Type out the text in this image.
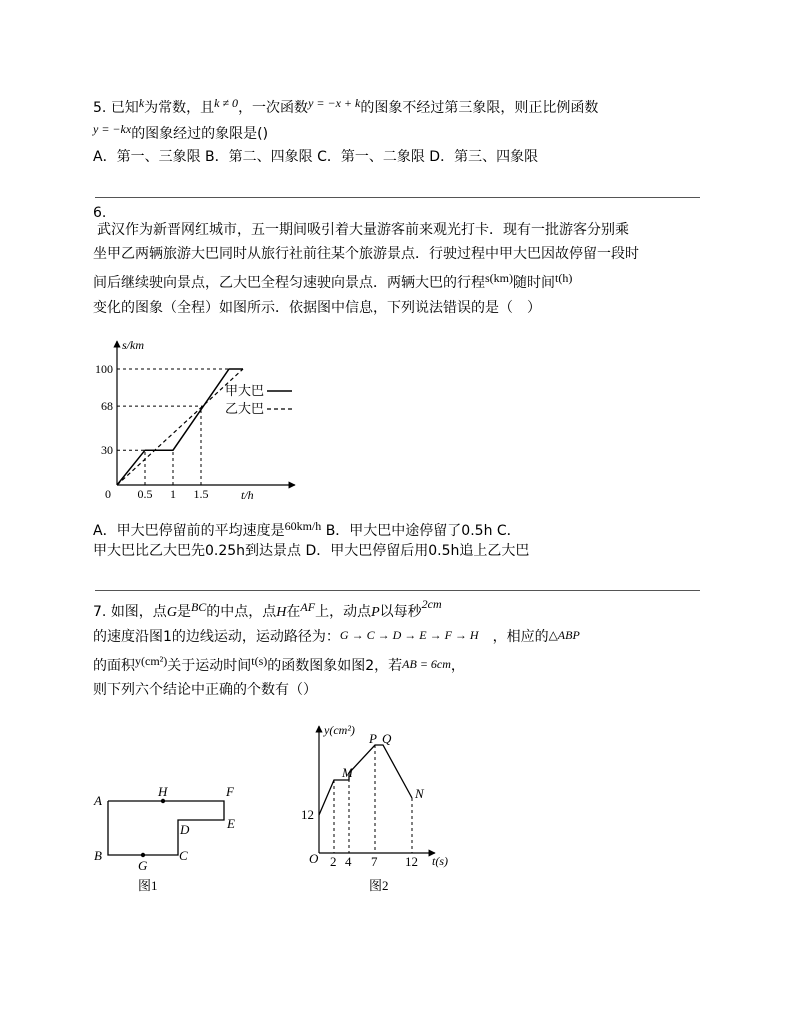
5. 已知k为常数，且k ≠ 0，一次函数y = −x + k的图象不经过第三象限，则正比例函数
y = −kx的图象经过的象限是()
A．第一、三象限 B．第二、四象限 C．第一、二象限 D．第三、四象限
6.
武汉作为新晋网红城市，五一期间吸引着大量游客前来观光打卡．现有一批游客分别乘
坐甲乙两辆旅游大巴同时从旅行社前往某个旅游景点．行驶过程中甲大巴因故停留一段时
间后继续驶向景点，乙大巴全程匀速驶向景点．两辆大巴的行程s(km)随时间t(h)
变化的图象（全程）如图所示．依据图中信息，下列说法错误的是（　）
s/km
t/h
0
100
68
30
0.5 1 1.5
甲大巴
乙大巴
A．甲大巴停留前的平均速度是60km/h B．甲大巴中途停留了0.5h C．
甲大巴比乙大巴先0.25h到达景点 D．甲大巴停留后用0.5h追上乙大巴
7. 如图，点G是BC的中点，点H在AF上，动点P以每秒2cm
的速度沿图1的边线运动，运动路径为：G → C → D → E → F → H　 ，相应的△ABP
的面积y(cm²)关于运动时间t(s)的函数图象如图2，若AB = 6cm，
则下列六个结论中正确的个数有（）
A
H	F
D	E
B
G
C
图1
y(cm²)
t(s)
O
12
2 4 7 12
M
P Q
N
图2
